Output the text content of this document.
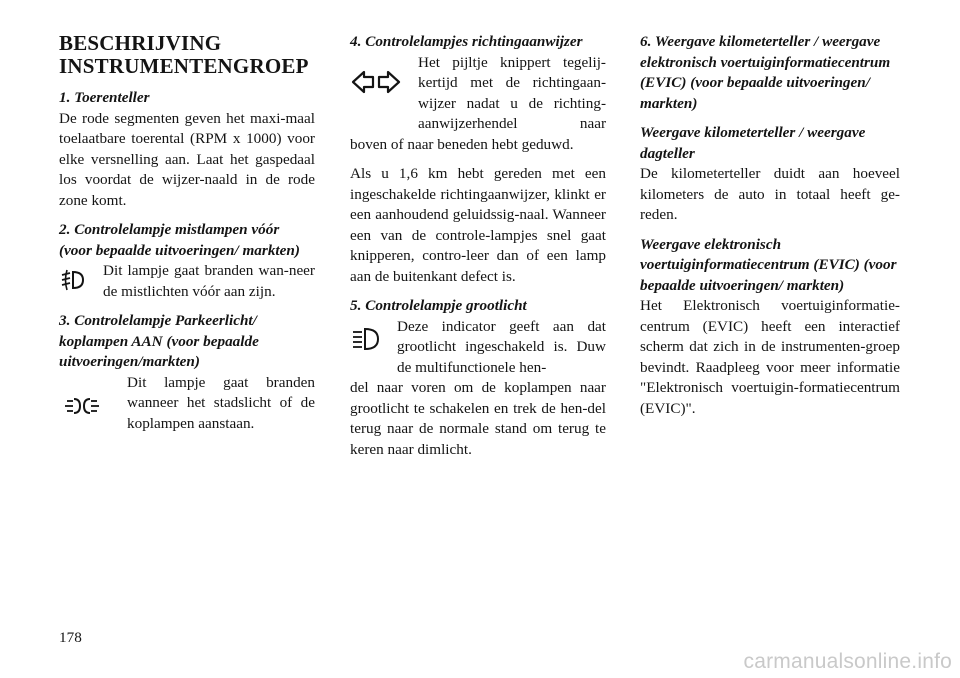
BESCHRIJVING INSTRUMENTENGROEP
1. Toerenteller
De rode segmenten geven het maxi-maal toelaatbare toerental (RPM x 1000) voor elke versnelling aan. Laat het gaspedaal los voordat de wijzer-naald in de rode zone komt.
2. Controlelampje mistlampen vóór (voor bepaalde uitvoeringen/ markten)
Dit lampje gaat branden wan-neer de mistlichten vóór aan zijn.
3. Controlelampje Parkeerlicht/ koplampen AAN (voor bepaalde uitvoeringen/markten)
Dit lampje gaat branden wanneer het stadslicht of de koplampen aanstaan.
4. Controlelampjes richtingaanwijzer
Het pijltje knippert tegelij-kertijd met de richtingaan-wijzer nadat u de richting-aanwijzerhendel naar
boven of naar beneden hebt geduwd.
Als u 1,6 km hebt gereden met een ingeschakelde richtingaanwijzer, klinkt er een aanhoudend geluidssig-naal. Wanneer een van de controle-lampjes snel gaat knipperen, contro-leer dan of een lamp aan de buitenkant defect is.
5. Controlelampje grootlicht
Deze indicator geeft aan dat grootlicht ingeschakeld is. Duw de multifunctionele hen-
del naar voren om de koplampen naar grootlicht te schakelen en trek de hen-del terug naar de normale stand om terug te keren naar dimlicht.
6. Weergave kilometerteller / weergave elektronisch voertuiginformatiecentrum (EVIC) (voor bepaalde uitvoeringen/ markten)
Weergave kilometerteller / weergave dagteller
De kilometerteller duidt aan hoeveel kilometers de auto in totaal heeft ge-reden.
Weergave elektronisch voertuiginformatiecentrum (EVIC) (voor bepaalde uitvoeringen/ markten)
Het Elektronisch voertuiginformatie-centrum (EVIC) heeft een interactief scherm dat zich in de instrumenten-groep bevindt. Raadpleeg voor meer informatie "Elektronisch voertuigin-formatiecentrum (EVIC)".
178
carmanualsonline.info
